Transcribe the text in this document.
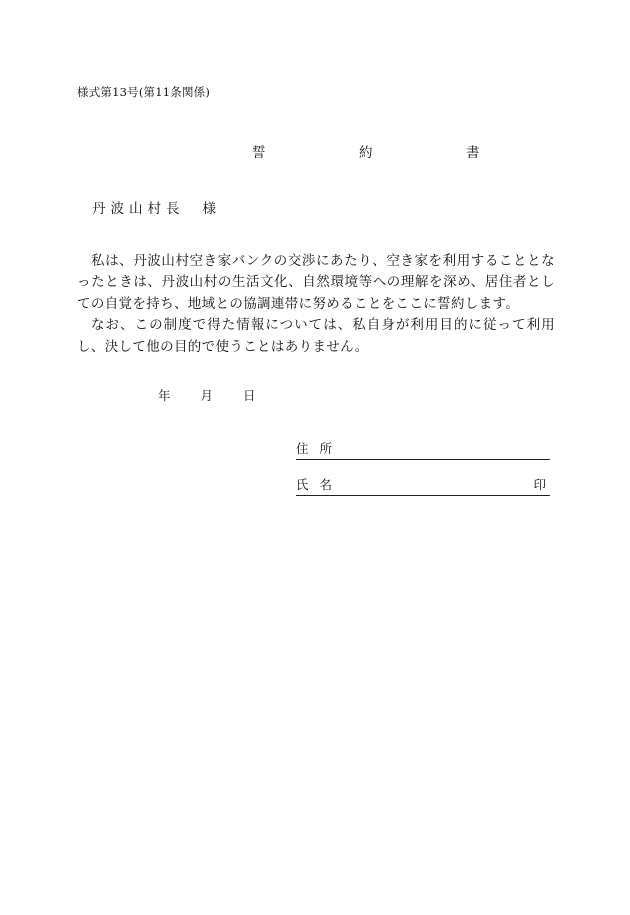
様式第13号(第11条関係)
誓　約　書
丹波山村長 様

私は、丹波山村空き家バンクの交渉にあたり、空き家を利用することとなったときは、丹波山村の生活文化、自然環境等への理解を深め、居住者としての自覚を持ち、地域との協調連帯に努めることをここに誓約します。

なお、この制度で得た情報については、私自身が利用目的に従って利用し、決して他の目的で使うことはありません。

年 月 日
住所
氏名	印
